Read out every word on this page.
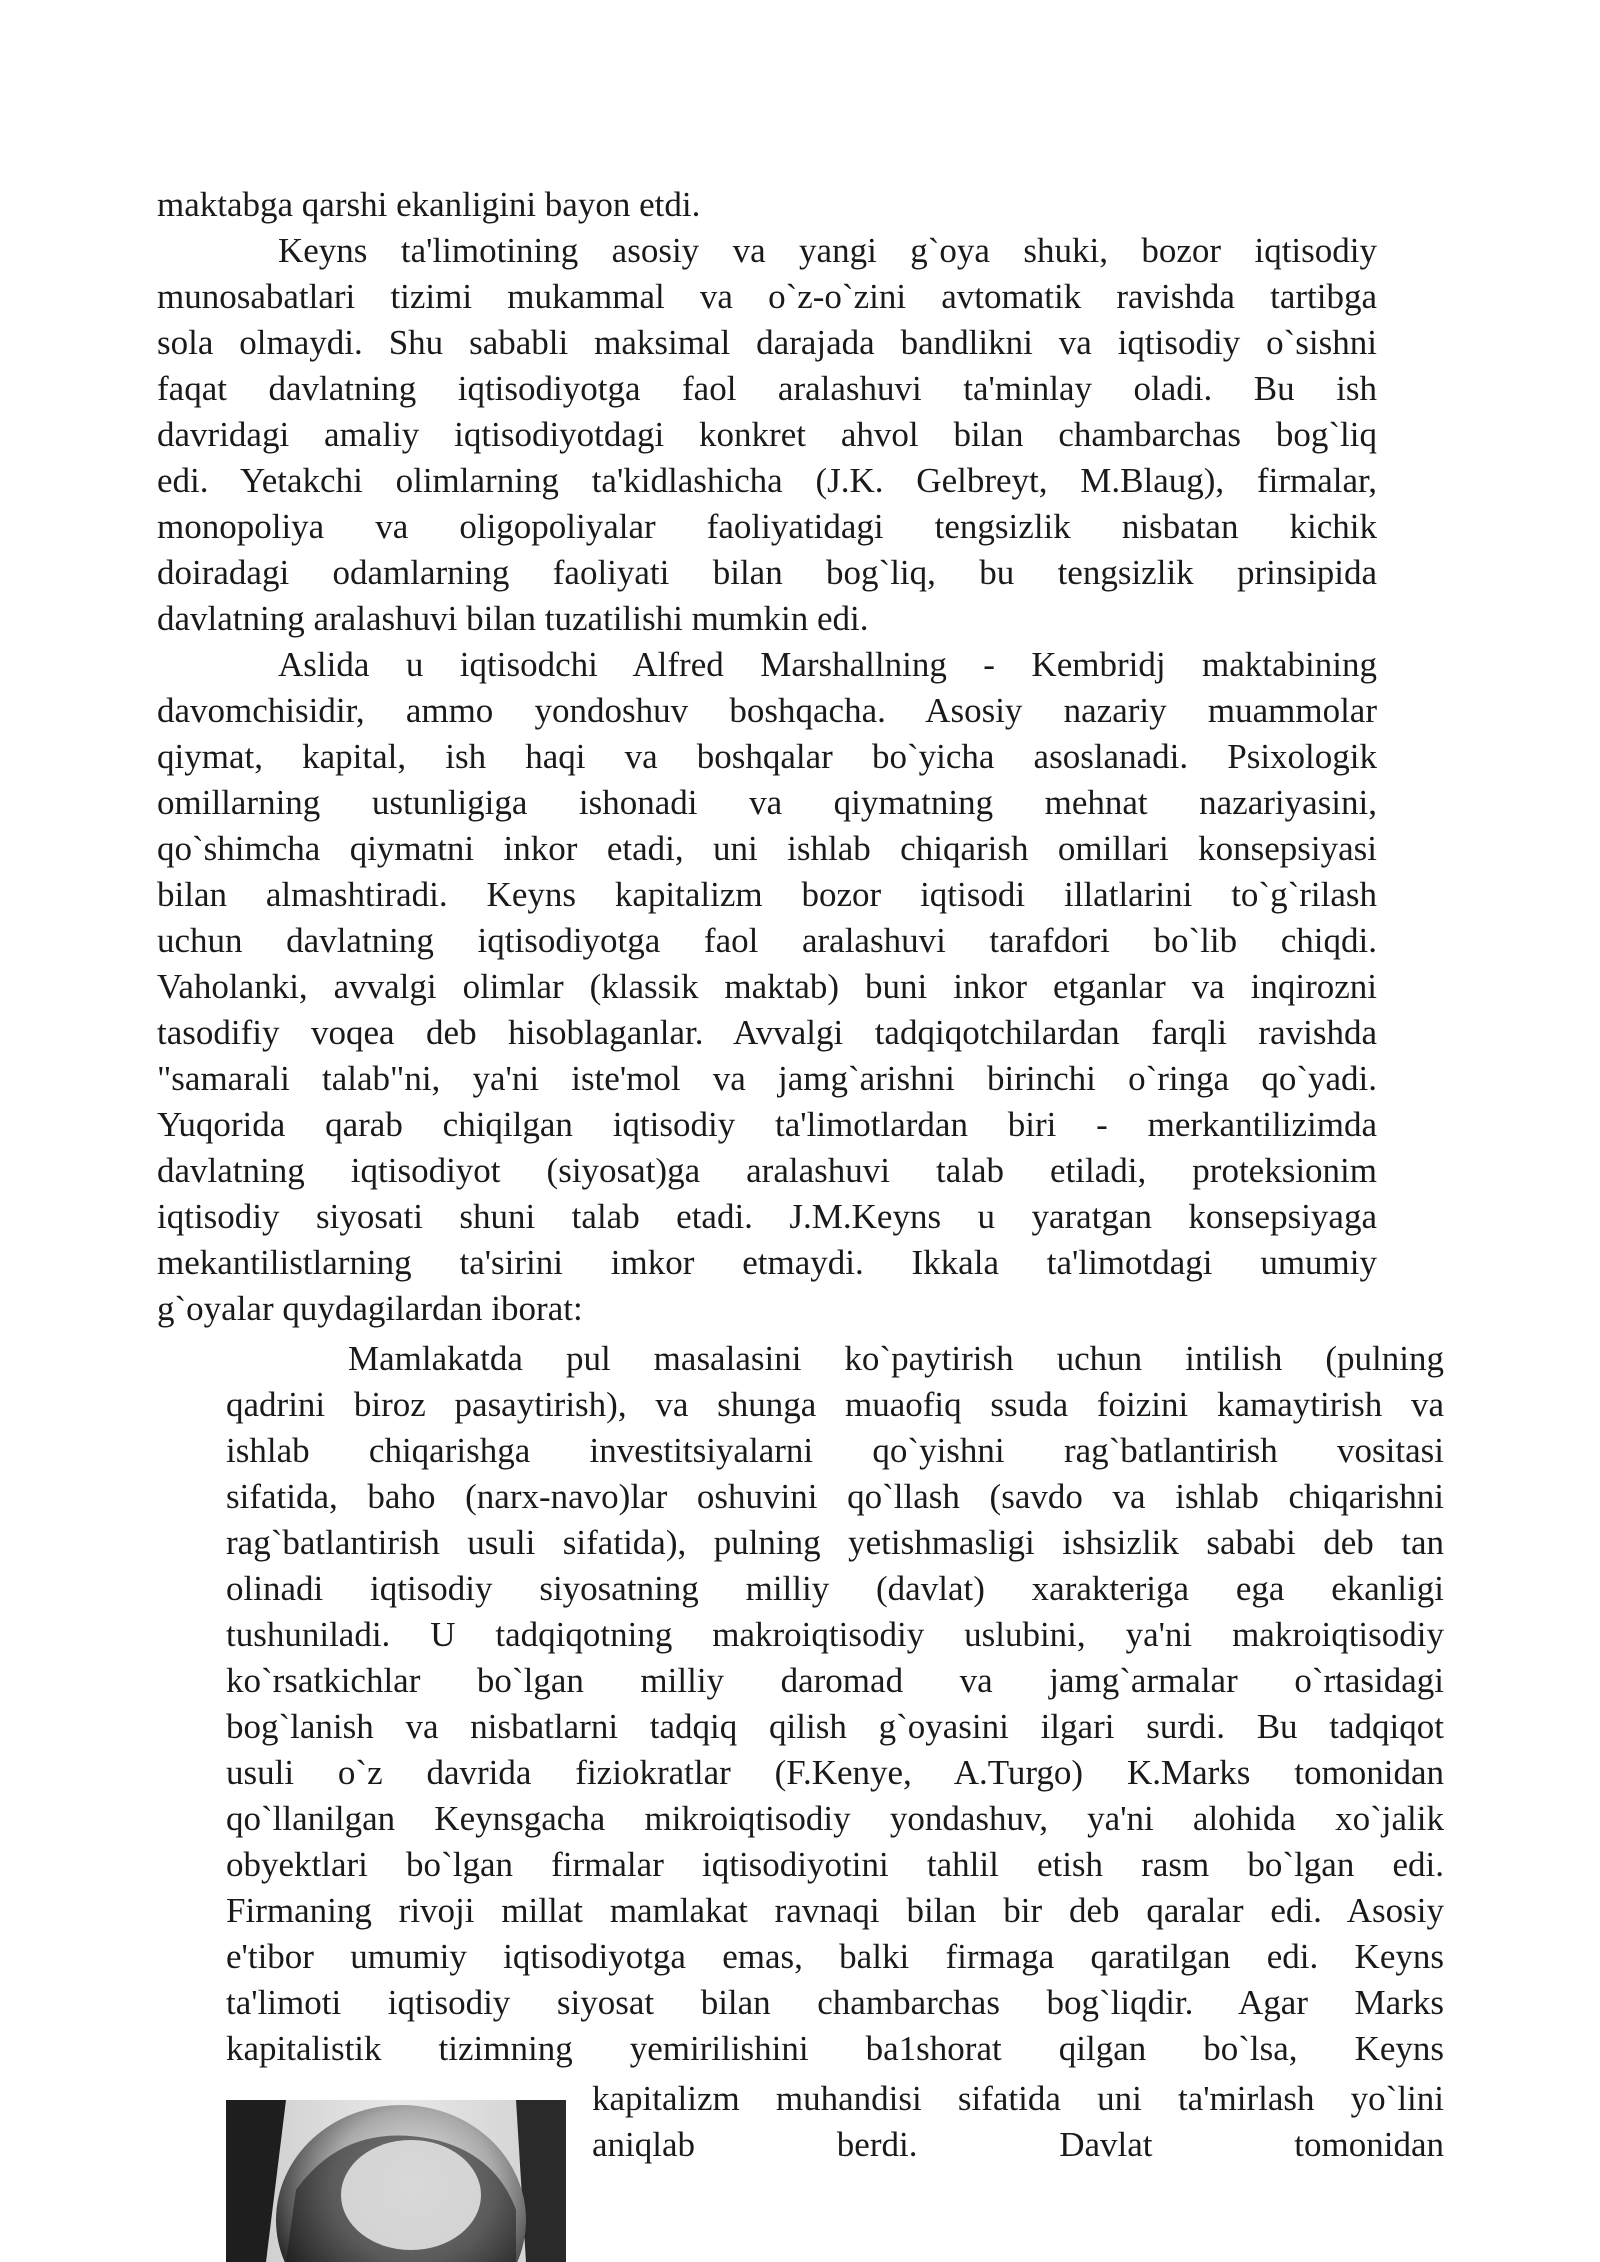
maktabga qarshi ekanligini bayon etdi.
Keyns ta'limotining asosiy va yangi g`oya shuki, bozor iqtisodiy
munosabatlari tizimi mukammal va o`z-o`zini avtomatik ravishda tartibga
sola olmaydi. Shu sababli maksimal darajada bandlikni va iqtisodiy o`sishni
faqat davlatning iqtisodiyotga faol aralashuvi ta'minlay oladi. Bu ish
davridagi amaliy iqtisodiyotdagi konkret ahvol bilan chambarchas bog`liq
edi. Yetakchi olimlarning ta'kidlashicha (J.K. Gelbreyt, M.Blaug), firmalar,
monopoliya va oligopoliyalar faoliyatidagi tengsizlik nisbatan kichik
doiradagi odamlarning faoliyati bilan bog`liq, bu tengsizlik prinsipida
davlatning aralashuvi bilan tuzatilishi mumkin edi.
Aslida u iqtisodchi Alfred Marshallning - Kembridj maktabining
davomchisidir, ammo yondoshuv boshqacha. Asosiy nazariy muammolar
qiymat, kapital, ish haqi va boshqalar bo`yicha asoslanadi. Psixologik
omillarning ustunligiga ishonadi va qiymatning mehnat nazariyasini,
qo`shimcha qiymatni inkor etadi, uni ishlab chiqarish omillari konsepsiyasi
bilan almashtiradi. Keyns kapitalizm bozor iqtisodi illatlarini to`g`rilash
uchun davlatning iqtisodiyotga faol aralashuvi tarafdori bo`lib chiqdi.
Vaholanki, avvalgi olimlar (klassik maktab) buni inkor etganlar va inqirozni
tasodifiy voqea deb hisoblaganlar. Avvalgi tadqiqotchilardan farqli ravishda
"samarali talab"ni, ya'ni iste'mol va jamg`arishni birinchi o`ringa qo`yadi.
Yuqorida qarab chiqilgan iqtisodiy ta'limotlardan biri - merkantilizimda
davlatning iqtisodiyot (siyosat)ga aralashuvi talab etiladi, proteksionim
iqtisodiy siyosati shuni talab etadi. J.M.Keyns u yaratgan konsepsiyaga
mekantilistlarning ta'sirini imkor etmaydi. Ikkala ta'limotdagi umumiy
g`oyalar quydagilardan iborat:
Mamlakatda pul masalasini ko`paytirish uchun intilish (pulning
qadrini biroz pasaytirish), va shunga muaofiq ssuda foizini kamaytirish va
ishlab chiqarishga investitsiyalarni qo`yishni rag`batlantirish vositasi
sifatida, baho (narx-navo)lar oshuvini qo`llash (savdo va ishlab chiqarishni
rag`batlantirish usuli sifatida), pulning yetishmasligi ishsizlik sababi deb tan
olinadi iqtisodiy siyosatning milliy (davlat) xarakteriga ega ekanligi
tushuniladi. U tadqiqotning makroiqtisodiy uslubini, ya'ni makroiqtisodiy
ko`rsatkichlar bo`lgan milliy daromad va jamg`armalar o`rtasidagi
bog`lanish va nisbatlarni tadqiq qilish g`oyasini ilgari surdi. Bu tadqiqot
usuli o`z davrida fiziokratlar (F.Kenye, A.Turgo) K.Marks tomonidan
qo`llanilgan Keynsgacha mikroiqtisodiy yondashuv, ya'ni alohida xo`jalik
obyektlari bo`lgan firmalar iqtisodiyotini tahlil etish rasm bo`lgan edi.
Firmaning rivoji millat mamlakat ravnaqi bilan bir deb qaralar edi. Asosiy
e'tibor umumiy iqtisodiyotga emas, balki firmaga qaratilgan edi. Keyns
ta'limoti iqtisodiy siyosat bilan chambarchas bog`liqdir. Agar Marks
kapitalistik tizimning yemirilishini ba1shorat qilgan bo`lsa, Keyns
kapitalizm muhandisi sifatida uni ta'mirlash yo`lini
aniqlab berdi. Davlat tomonidan
